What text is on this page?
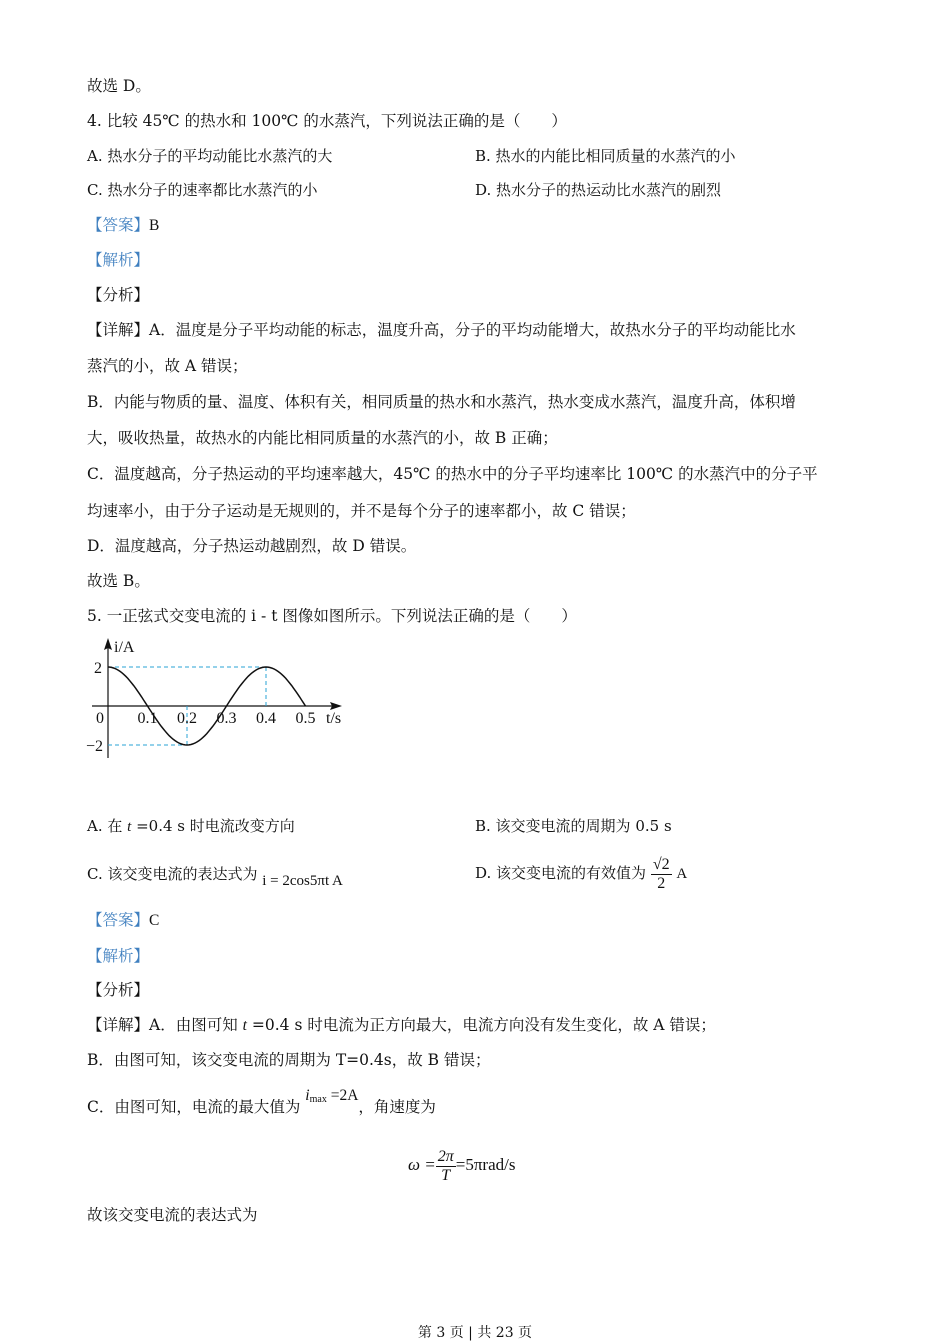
故选 D。
4. 比较 45℃ 的热水和 100℃ 的水蒸汽，下列说法正确的是（　　）
A. 热水分子的平均动能比水蒸汽的大	B. 热水的内能比相同质量的水蒸汽的小
C. 热水分子的速率都比水蒸汽的小	D. 热水分子的热运动比水蒸汽的剧烈
【答案】B
【解析】
【分析】
【详解】A．温度是分子平均动能的标志，温度升高，分子的平均动能增大，故热水分子的平均动能比水
蒸汽的小，故 A 错误；
B．内能与物质的量、温度、体积有关，相同质量的热水和水蒸汽，热水变成水蒸汽，温度升高，体积增
大，吸收热量，故热水的内能比相同质量的水蒸汽的小，故 B 正确；
C．温度越高，分子热运动的平均速率越大，45℃ 的热水中的分子平均速率比 100℃ 的水蒸汽中的分子平
均速率小，由于分子运动是无规则的，并不是每个分子的速率都小，故 C 错误；
D．温度越高，分子热运动越剧烈，故 D 错误。
故选 B。
5. 一正弦式交变电流的 i - t 图像如图所示。下列说法正确的是（　　）
0 0.1 0.2 0.3 0.4 0.5
2
−2
i/A
t/s
A. 在 t =0.4 s 时电流改变方向	B. 该交变电流的周期为 0.5 s
C. 该交变电流的表达式为 i = 2cos5πt A	D. 该交变电流的有效值为 $\frac{√2}{2}$ A
【答案】C
【解析】
【分析】
【详解】A．由图可知 t =0.4 s 时电流为正方向最大，电流方向没有发生变化，故 A 错误；
B．由图可知，该交变电流的周期为 T=0.4s，故 B 错误；
C．由图可知，电流的最大值为 $i_{max} =2A$，角速度为
$\omega = \frac{2\pi}{T} =5\pi rad/s$
故该交变电流的表达式为
第 3 页 | 共 23 页
